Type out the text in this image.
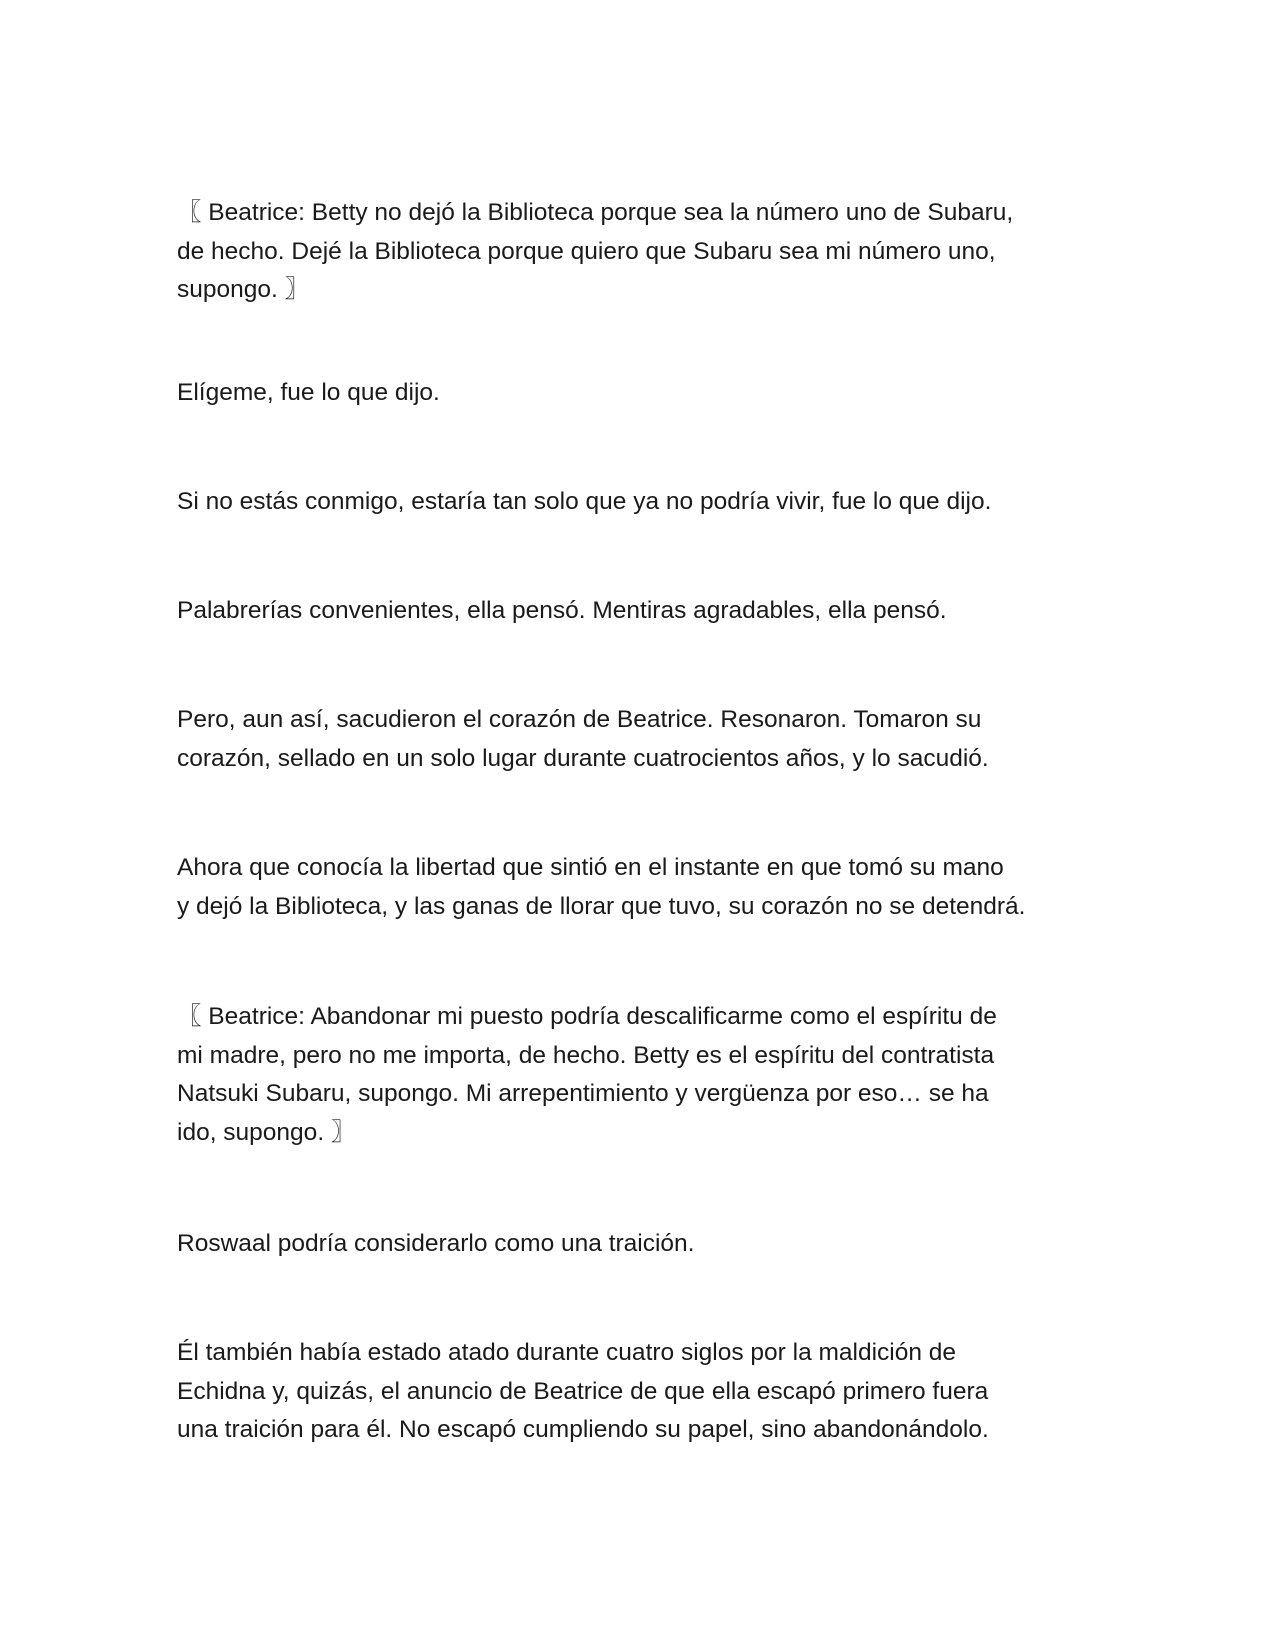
〖 Beatrice: Betty no dejó la Biblioteca porque sea la número uno de Subaru,
de hecho. Dejé la Biblioteca porque quiero que Subaru sea mi número uno,
supongo. 〗

Elígeme, fue lo que dijo.

Si no estás conmigo, estaría tan solo que ya no podría vivir, fue lo que dijo.

Palabrerías convenientes, ella pensó. Mentiras agradables, ella pensó.

Pero, aun así, sacudieron el corazón de Beatrice. Resonaron. Tomaron su
corazón, sellado en un solo lugar durante cuatrocientos años, y lo sacudió.

Ahora que conocía la libertad que sintió en el instante en que tomó su mano
y dejó la Biblioteca, y las ganas de llorar que tuvo, su corazón no se detendrá.

〖 Beatrice: Abandonar mi puesto podría descalificarme como el espíritu de
mi madre, pero no me importa, de hecho. Betty es el espíritu del contratista
Natsuki Subaru, supongo. Mi arrepentimiento y vergüenza por eso… se ha
ido, supongo. 〗

Roswaal podría considerarlo como una traición.

Él también había estado atado durante cuatro siglos por la maldición de
Echidna y, quizás, el anuncio de Beatrice de que ella escapó primero fuera
una traición para él. No escapó cumpliendo su papel, sino abandonándolo.
